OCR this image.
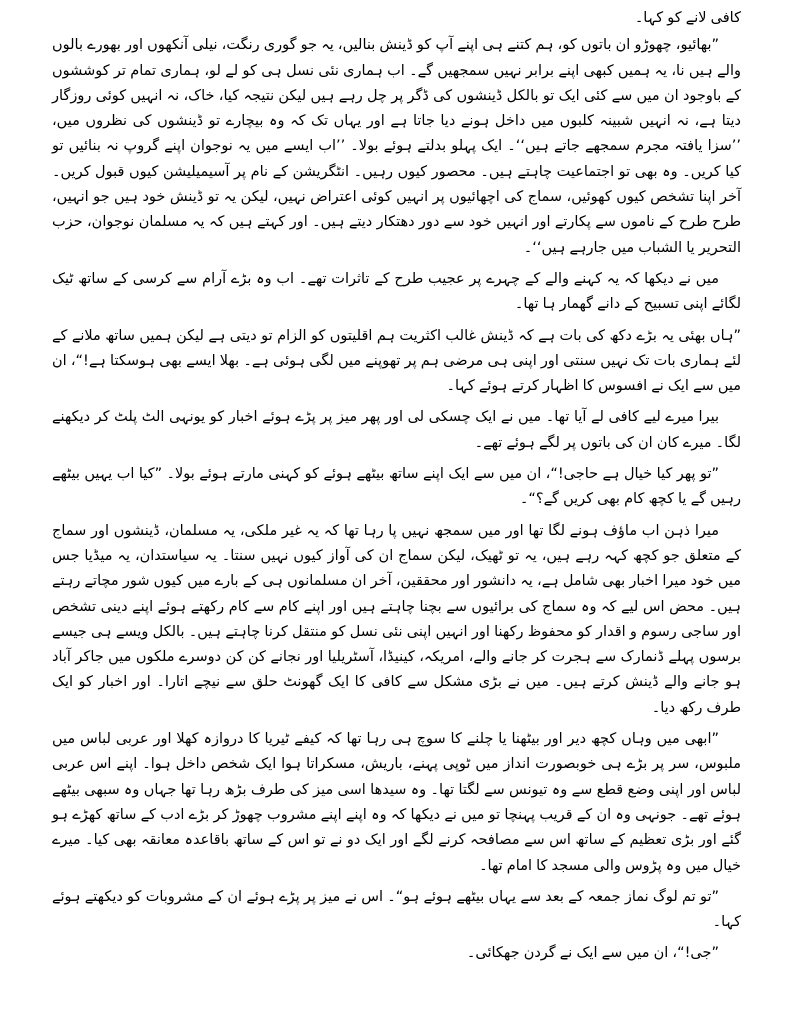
کافی لانے کو کہا۔

”بھائیو، چھوڑو ان باتوں کو، ہم کتنے ہی اپنے آپ کو ڈینش بنالیں، یہ جو گوری رنگت، نیلی آنکھوں اور بھورے بالوں والے ہیں نا، یہ ہمیں کبھی اپنے برابر نہیں سمجھیں گے۔ اب ہماری نئی نسل ہی کو لے لو، ہماری تمام تر کوششوں کے باوجود ان میں سے کئی ایک تو بالکل ڈینشوں کی ڈگر پر چل رہے ہیں لیکن نتیجہ کیا، خاک، نہ انہیں کوئی روزگار دیتا ہے، نہ انہیں شبینہ کلبوں میں داخل ہونے دیا جاتا ہے اور یہاں تک کہ وہ بیچارے تو ڈینشوں کی نظروں میں، ’’سزا یافتہ مجرم سمجھے جاتے ہیں‘‘۔ ایک پہلو بدلتے ہوئے بولا۔ ’’اب ایسے میں یہ نوجوان اپنے گروپ نہ بنائیں تو کیا کریں۔ وہ بھی تو اجتماعیت چاہتے ہیں۔ محصور کیوں رہیں۔ انٹگریشن کے نام پر آسیمیلیشن کیوں قبول کریں۔ آخر اپنا تشخص کیوں کھوئیں، سماج کی اچھائیوں پر انہیں کوئی اعتراض نہیں، لیکن یہ تو ڈینش خود ہیں جو انہیں، طرح طرح کے ناموں سے پکارتے اور انہیں خود سے دور دھتکار دیتے ہیں۔ اور کہتے ہیں کہ یہ مسلمان نوجوان، حزب التحریر یا الشباب میں جارہے ہیں‘‘۔

میں نے دیکھا کہ یہ کہنے والے کے چہرے پر عجیب طرح کے تاثرات تھے۔ اب وہ بڑے آرام سے کرسی کے ساتھ ٹیک لگائے اپنی تسبیح کے دانے گھمار ہا تھا۔

”ہاں بھئی یہ بڑے دکھ کی بات ہے کہ ڈینش غالب اکثریت ہم اقلیتوں کو الزام تو دیتی ہے لیکن ہمیں ساتھ ملانے کے لئے ہماری بات تک نہیں سنتی اور اپنی ہی مرضی ہم پر تھوپنے میں لگی ہوئی ہے۔ بھلا ایسے بھی ہوسکتا ہے!“، ان میں سے ایک نے افسوس کا اظہار کرتے ہوئے کہا۔

بیرا میرے لیے کافی لے آیا تھا۔ میں نے ایک چسکی لی اور پھر میز پر پڑے ہوئے اخبار کو یونہی الٹ پلٹ کر دیکھنے لگا۔ میرے کان ان کی باتوں پر لگے ہوئے تھے۔

”تو پھر کیا خیال ہے حاجی!“، ان میں سے ایک اپنے ساتھ بیٹھے ہوئے کو کہنی مارتے ہوئے بولا۔ ”کیا اب یہیں بیٹھے رہیں گے یا کچھ کام بھی کریں گے؟“۔

میرا ذہن اب ماؤف ہونے لگا تھا اور میں سمجھ نہیں پا رہا تھا کہ یہ غیر ملکی، یہ مسلمان، ڈینشوں اور سماج کے متعلق جو کچھ کہہ رہے ہیں، یہ تو ٹھیک، لیکن سماج ان کی آواز کیوں نہیں سنتا۔ یہ سیاستدان، یہ میڈیا جس میں خود میرا اخبار بھی شامل ہے، یہ دانشور اور محققین، آخر ان مسلمانوں ہی کے بارے میں کیوں شور مچاتے رہتے ہیں۔ محض اس لیے کہ وہ سماج کی برائیوں سے بچنا چاہتے ہیں اور اپنے کام سے کام رکھتے ہوئے اپنے دینی تشخص اور ساجی رسوم و اقدار کو محفوظ رکھنا اور انہیں اپنی نئی نسل کو منتقل کرنا چاہتے ہیں۔ بالکل ویسے ہی جیسے برسوں پہلے ڈنمارک سے ہجرت کر جانے والے، امریکہ، کینیڈا، آسٹریلیا اور نجانے کن کن دوسرے ملکوں میں جاکر آباد ہو جانے والے ڈینش کرتے ہیں۔ میں نے بڑی مشکل سے کافی کا ایک گھونٹ حلق سے نیچے اتارا۔ اور اخبار کو ایک طرف رکھ دیا۔

”ابھی میں وہاں کچھ دیر اور بیٹھنا یا چلنے کا سوچ ہی رہا تھا کہ کیفے ٹیریا کا دروازہ کھلا اور عربی لباس میں ملبوس، سر پر بڑے ہی خوبصورت انداز میں ٹوپی پہنے، باریش، مسکراتا ہوا ایک شخص داخل ہوا۔ اپنے اس عربی لباس اور اپنی وضع قطع سے وہ تیونس سے لگتا تھا۔ وہ سیدھا اسی میز کی طرف بڑھ رہا تھا جہاں وہ سبھی بیٹھے ہوئے تھے۔ جونہی وہ ان کے قریب پہنچا تو میں نے دیکھا کہ وہ اپنے اپنے مشروب چھوڑ کر بڑے ادب کے ساتھ کھڑے ہو گئے اور بڑی تعظیم کے ساتھ اس سے مصافحہ کرنے لگے اور ایک دو نے تو اس کے ساتھ باقاعدہ معانقہ بھی کیا۔ میرے خیال میں وہ پڑوس والی مسجد کا امام تھا۔

”تو تم لوگ نماز جمعہ کے بعد سے یہاں بیٹھے ہوئے ہو“۔ اس نے میز پر پڑے ہوئے ان کے مشروبات کو دیکھتے ہوئے کہا۔

”جی!“، ان میں سے ایک نے گردن جھکائی۔
